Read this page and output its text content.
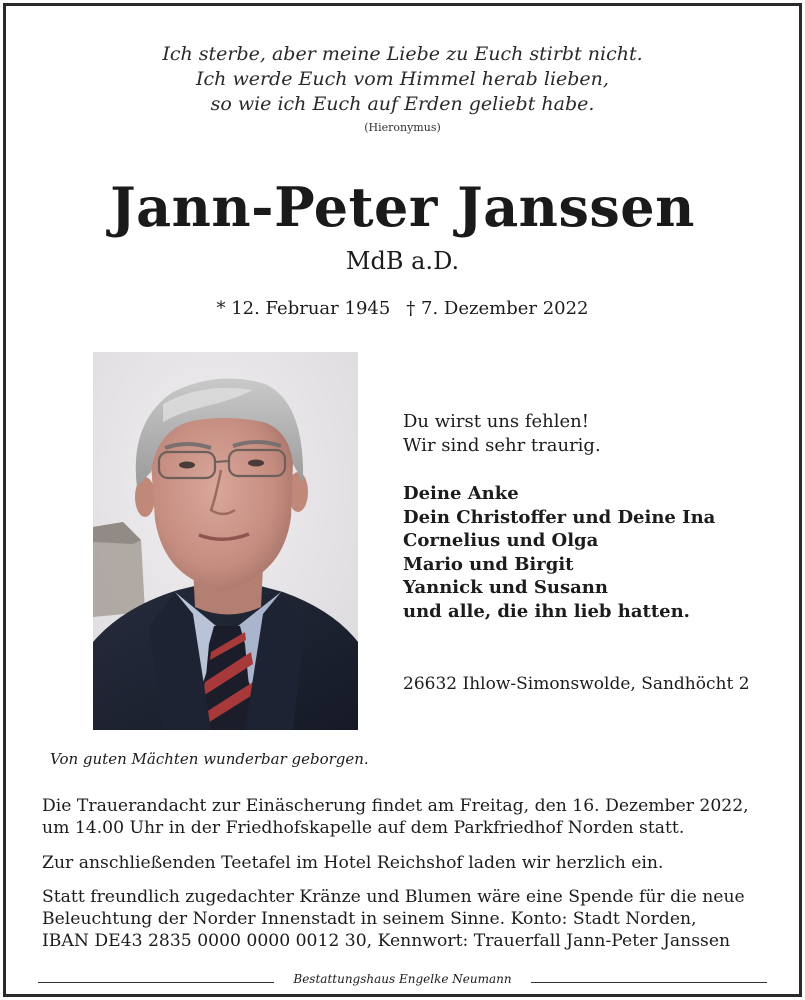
Ich sterbe, aber meine Liebe zu Euch stirbt nicht.
Ich werde Euch vom Himmel herab lieben,
so wie ich Euch auf Erden geliebt habe.
(Hieronymus)
Jann-Peter Janssen
MdB a.D.
* 12. Februar 1945 † 7. Dezember 2022
Von guten Mächten wunderbar geborgen.
Du wirst uns fehlen!
Wir sind sehr traurig.
Deine Anke
Dein Christoffer und Deine Ina
Cornelius und Olga
Mario und Birgit
Yannick und Susann
und alle, die ihn lieb hatten.
26632 Ihlow-Simonswolde, Sandhöcht 2
Die Trauerandacht zur Einäscherung findet am Freitag, den 16. Dezember 2022,
um 14.00 Uhr in der Friedhofskapelle auf dem Parkfriedhof Norden statt.
Zur anschließenden Teetafel im Hotel Reichshof laden wir herzlich ein.
Statt freundlich zugedachter Kränze und Blumen wäre eine Spende für die neue
Beleuchtung der Norder Innenstadt in seinem Sinne. Konto: Stadt Norden,
IBAN DE43 2835 0000 0000 0012 30, Kennwort: Trauerfall Jann-Peter Janssen
Bestattungshaus Engelke Neumann
